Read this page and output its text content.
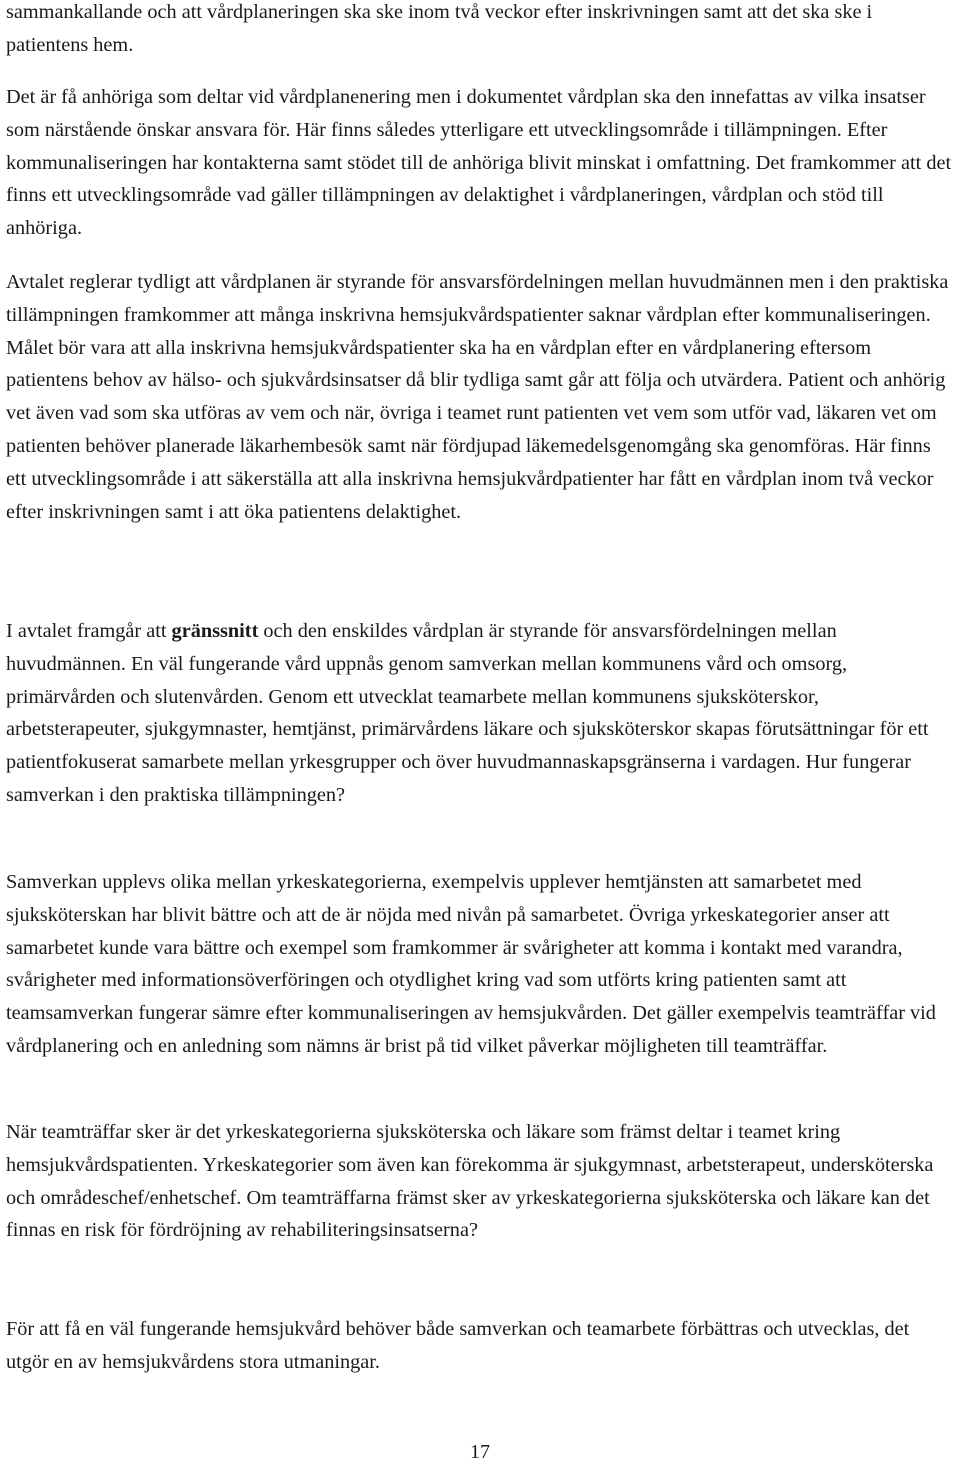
sammankallande och att vårdplaneringen ska ske inom två veckor efter inskrivningen samt att det ska ske i patientens hem.

Det är få anhöriga som deltar vid vårdplanenering men i dokumentet vårdplan ska den innefattas av vilka insatser som närstående önskar ansvara för. Här finns således ytterligare ett utvecklingsområde i tillämpningen. Efter kommunaliseringen har kontakterna samt stödet till de anhöriga blivit minskat i omfattning. Det framkommer att det finns ett utvecklingsområde vad gäller tillämpningen av delaktighet i vårdplaneringen, vårdplan och stöd till anhöriga.

Avtalet reglerar tydligt att vårdplanen är styrande för ansvarsfördelningen mellan huvudmännen men i den praktiska tillämpningen framkommer att många inskrivna hemsjukvårdspatienter saknar vårdplan efter kommunaliseringen. Målet bör vara att alla inskrivna hemsjukvårdspatienter ska ha en vårdplan efter en vårdplanering eftersom patientens behov av hälso- och sjukvårdsinsatser då blir tydliga samt går att följa och utvärdera. Patient och anhörig vet även vad som ska utföras av vem och när, övriga i teamet runt patienten vet vem som utför vad, läkaren vet om patienten behöver planerade läkarhembesök samt när fördjupad läkemedelsgenomgång ska genomföras. Här finns ett utvecklingsområde i att säkerställa att alla inskrivna hemsjukvårdpatienter har fått en vårdplan inom två veckor efter inskrivningen samt i att öka patientens delaktighet.

I avtalet framgår att gränssnitt och den enskildes vårdplan är styrande för ansvarsfördelningen mellan huvudmännen. En väl fungerande vård uppnås genom samverkan mellan kommunens vård och omsorg, primärvården och slutenvården. Genom ett utvecklat teamarbete mellan kommunens sjuksköterskor, arbetsterapeuter, sjukgymnaster, hemtjänst, primärvårdens läkare och sjuksköterskor skapas förutsättningar för ett patientfokuserat samarbete mellan yrkesgrupper och över huvudmannaskapsgränserna i vardagen. Hur fungerar samverkan i den praktiska tillämpningen?

Samverkan upplevs olika mellan yrkeskategorierna, exempelvis upplever hemtjänsten att samarbetet med sjuksköterskan har blivit bättre och att de är nöjda med nivån på samarbetet. Övriga yrkeskategorier anser att samarbetet kunde vara bättre och exempel som framkommer är svårigheter att komma i kontakt med varandra, svårigheter med informationsöverföringen och otydlighet kring vad som utförts kring patienten samt att teamsamverkan fungerar sämre efter kommunaliseringen av hemsjukvården. Det gäller exempelvis teamträffar vid vårdplanering och en anledning som nämns är brist på tid vilket påverkar möjligheten till teamträffar.

När teamträffar sker är det yrkeskategorierna sjuksköterska och läkare som främst deltar i teamet kring hemsjukvårdspatienten. Yrkeskategorier som även kan förekomma är sjukgymnast, arbetsterapeut, undersköterska och områdeschef/enhetschef. Om teamträffarna främst sker av yrkeskategorierna sjuksköterska och läkare kan det finnas en risk för fördröjning av rehabiliteringsinsatserna?

För att få en väl fungerande hemsjukvård behöver både samverkan och teamarbete förbättras och utvecklas, det utgör en av hemsjukvårdens stora utmaningar.

17
